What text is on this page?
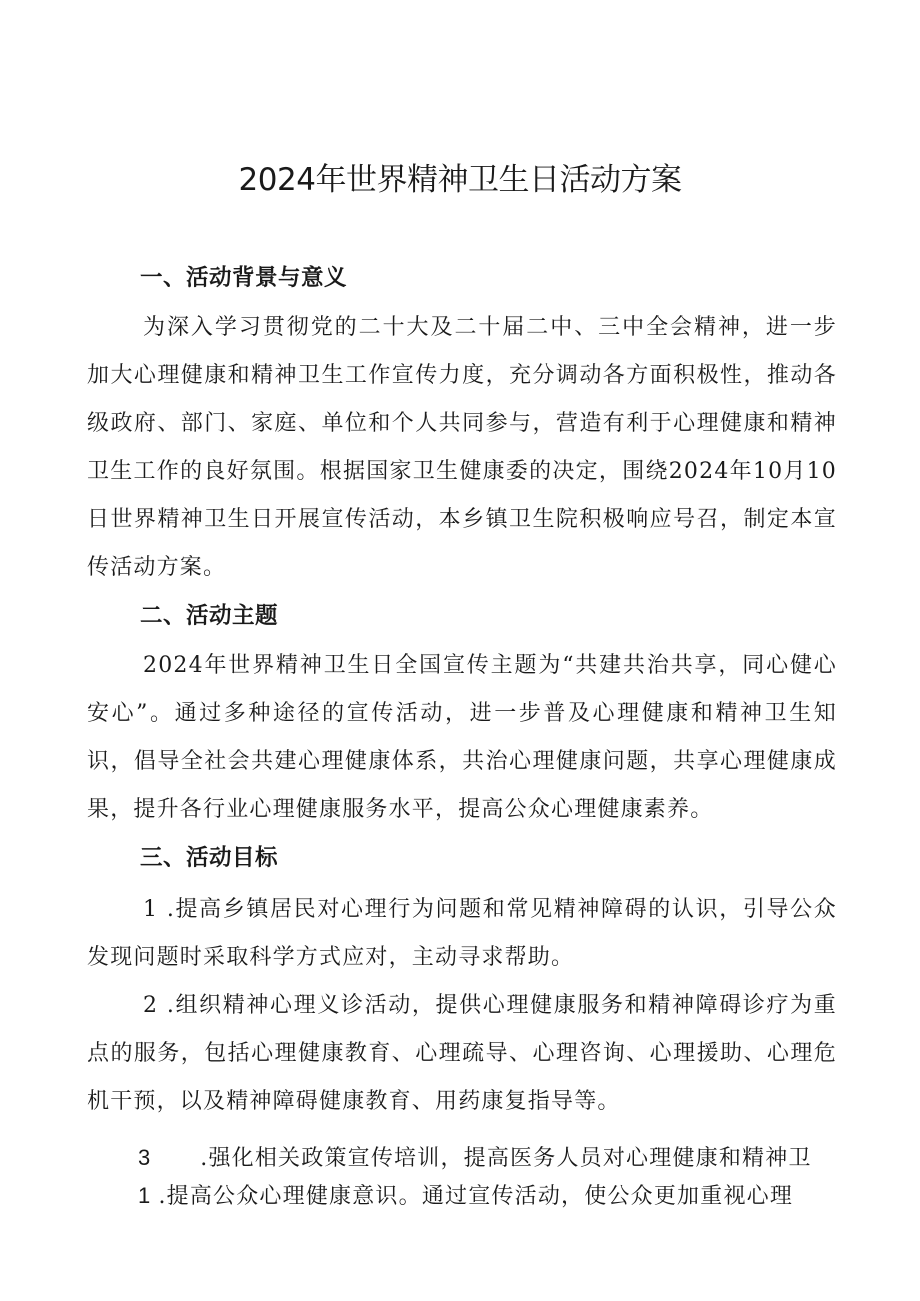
2024年世界精神卫生日活动方案
一、活动背景与意义

为深入学习贯彻党的二十大及二十届二中、三中全会精神，进一步加大心理健康和精神卫生工作宣传力度，充分调动各方面积极性，推动各级政府、部门、家庭、单位和个人共同参与，营造有利于心理健康和精神卫生工作的良好氛围。根据国家卫生健康委的决定，围绕2024年10月10日世界精神卫生日开展宣传活动，本乡镇卫生院积极响应号召，制定本宣传活动方案。

二、活动主题

2024年世界精神卫生日全国宣传主题为“共建共治共享，同心健心安心”。通过多种途径的宣传活动，进一步普及心理健康和精神卫生知识，倡导全社会共建心理健康体系，共治心理健康问题，共享心理健康成果，提升各行业心理健康服务水平，提高公众心理健康素养。

三、活动目标

1 .提高乡镇居民对心理行为问题和常见精神障碍的认识，引导公众发现问题时采取科学方式应对，主动寻求帮助。

2 .组织精神心理义诊活动，提供心理健康服务和精神障碍诊疗为重点的服务，包括心理健康教育、心理疏导、心理咨询、心理援助、心理危机干预，以及精神障碍健康教育、用药康复指导等。

3 .强化相关政策宣传培训，提高医务人员对心理健康和精神卫
1 .提高公众心理健康意识。通过宣传活动，使公众更加重视心理
